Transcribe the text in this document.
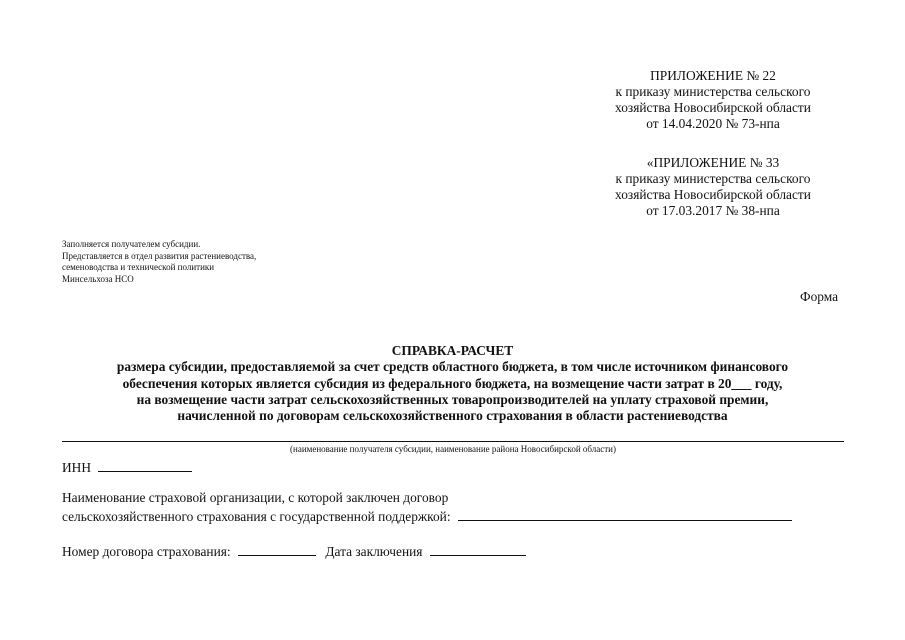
ПРИЛОЖЕНИЕ № 22
к приказу министерства сельского
хозяйства Новосибирской области
от 14.04.2020 № 73-нпа
«ПРИЛОЖЕНИЕ № 33
к приказу министерства сельского
хозяйства Новосибирской области
от 17.03.2017 № 38-нпа
Заполняется получателем субсидии.
Представляется в отдел развития растениеводства,
семеноводства и технической политики
Минсельхоза НСО
Форма
СПРАВКА-РАСЧЕТ
размера субсидии, предоставляемой за счет средств областного бюджета, в том числе источником финансового
обеспечения которых является субсидия из федерального бюджета, на возмещение части затрат в 20___ году,
на возмещение части затрат сельскохозяйственных товаропроизводителей на уплату страховой премии,
начисленной по договорам сельскохозяйственного страхования в области растениеводства
(наименование получателя субсидии, наименование района Новосибирской области)
ИНН
Наименование страховой организации, с которой заключен договор
сельскохозяйственного страхования с государственной поддержкой:
Номер договора страхования:	Дата заключения
